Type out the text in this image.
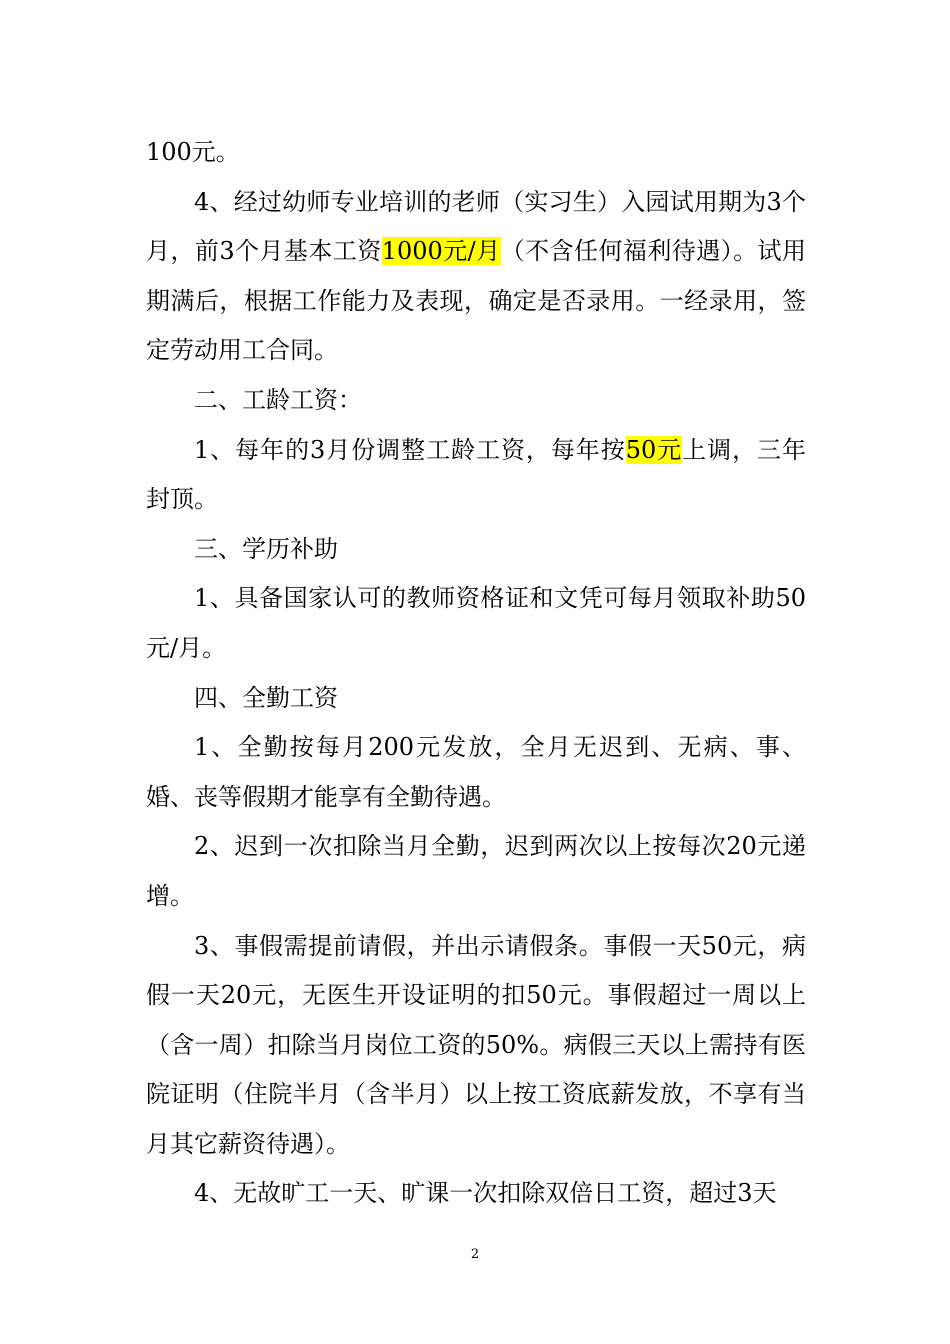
100元。

4、经过幼师专业培训的老师（实习生）入园试用期为3个月，前3个月基本工资1000元/月（不含任何福利待遇）。试用期满后，根据工作能力及表现，确定是否录用。一经录用，签定劳动用工合同。

二、工龄工资：

1、每年的3月份调整工龄工资，每年按50元上调，三年封顶。

三、学历补助

1、具备国家认可的教师资格证和文凭可每月领取补助50元/月。

四、全勤工资

1、全勤按每月200元发放，全月无迟到、无病、事、婚、丧等假期才能享有全勤待遇。

2、迟到一次扣除当月全勤，迟到两次以上按每次20元递增。

3、事假需提前请假，并出示请假条。事假一天50元，病假一天20元，无医生开设证明的扣50元。事假超过一周以上（含一周）扣除当月岗位工资的50%。病假三天以上需持有医院证明（住院半月（含半月）以上按工资底薪发放，不享有当月其它薪资待遇）。

4、无故旷工一天、旷课一次扣除双倍日工资，超过3天

2
